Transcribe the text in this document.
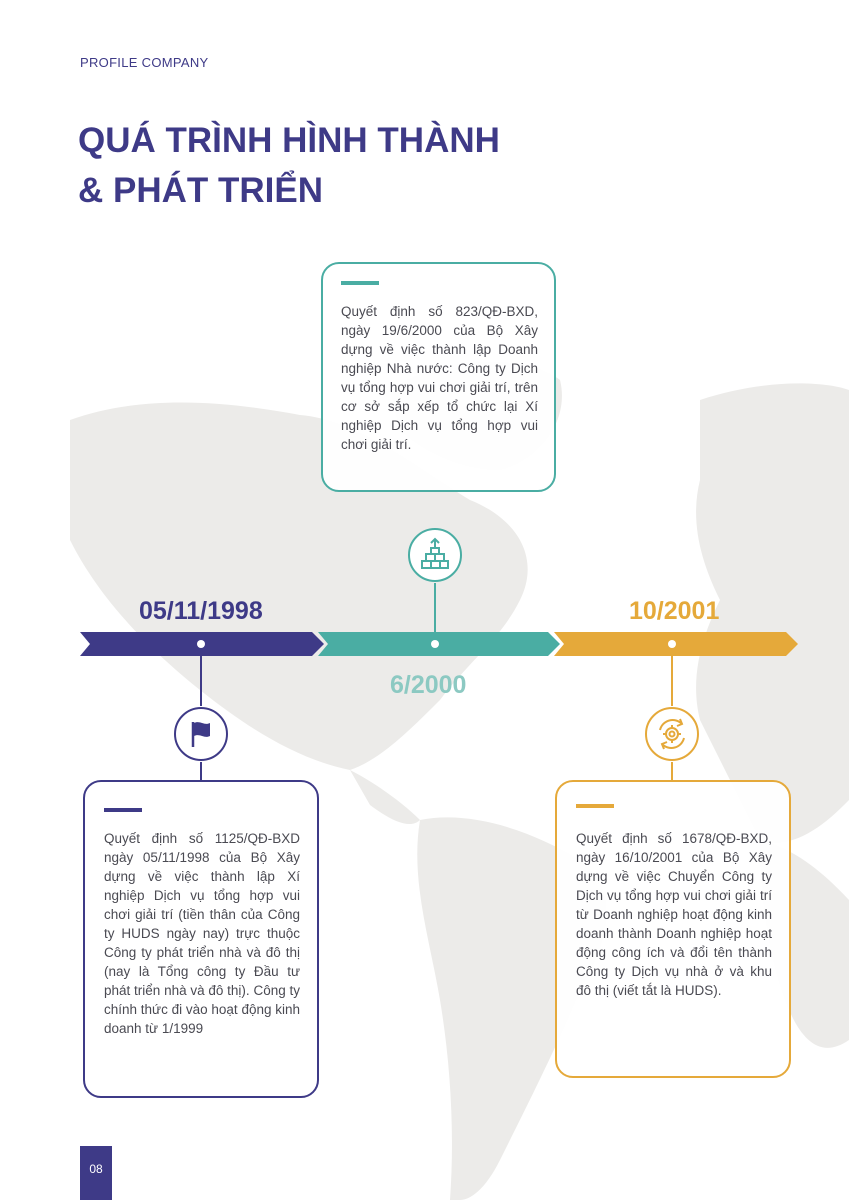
PROFILE COMPANY
QUÁ TRÌNH HÌNH THÀNH
& PHÁT TRIỂN
Quyết định số 823/QĐ-BXD, ngày 19/6/2000 của Bộ Xây dựng về việc thành lập Doanh nghiệp Nhà nước: Công ty Dịch vụ tổng hợp vui chơi giải trí, trên cơ sở sắp xếp tổ chức lại Xí nghiệp Dịch vụ tổng hợp vui chơi giải trí.
05/11/1998
6/2000
10/2001
Quyết định số 1125/QĐ-BXD ngày 05/11/1998 của Bộ Xây dựng về việc thành lập Xí nghiệp Dịch vụ tổng hợp vui chơi giải trí (tiền thân của Công ty HUDS ngày nay) trực thuộc Công ty phát triển nhà và đô thị (nay là Tổng công ty Đầu tư phát triển nhà và đô thị). Công ty chính thức đi vào hoạt động kinh doanh từ 1/1999
Quyết định số 1678/QĐ-BXD, ngày 16/10/2001 của Bộ Xây dựng về việc Chuyển Công ty Dịch vụ tổng hợp vui chơi giải trí từ Doanh nghiệp hoạt động kinh doanh thành Doanh nghiệp hoạt động công ích và đổi tên thành Công ty Dịch vụ nhà ở và khu đô thị (viết tắt là HUDS).
08
